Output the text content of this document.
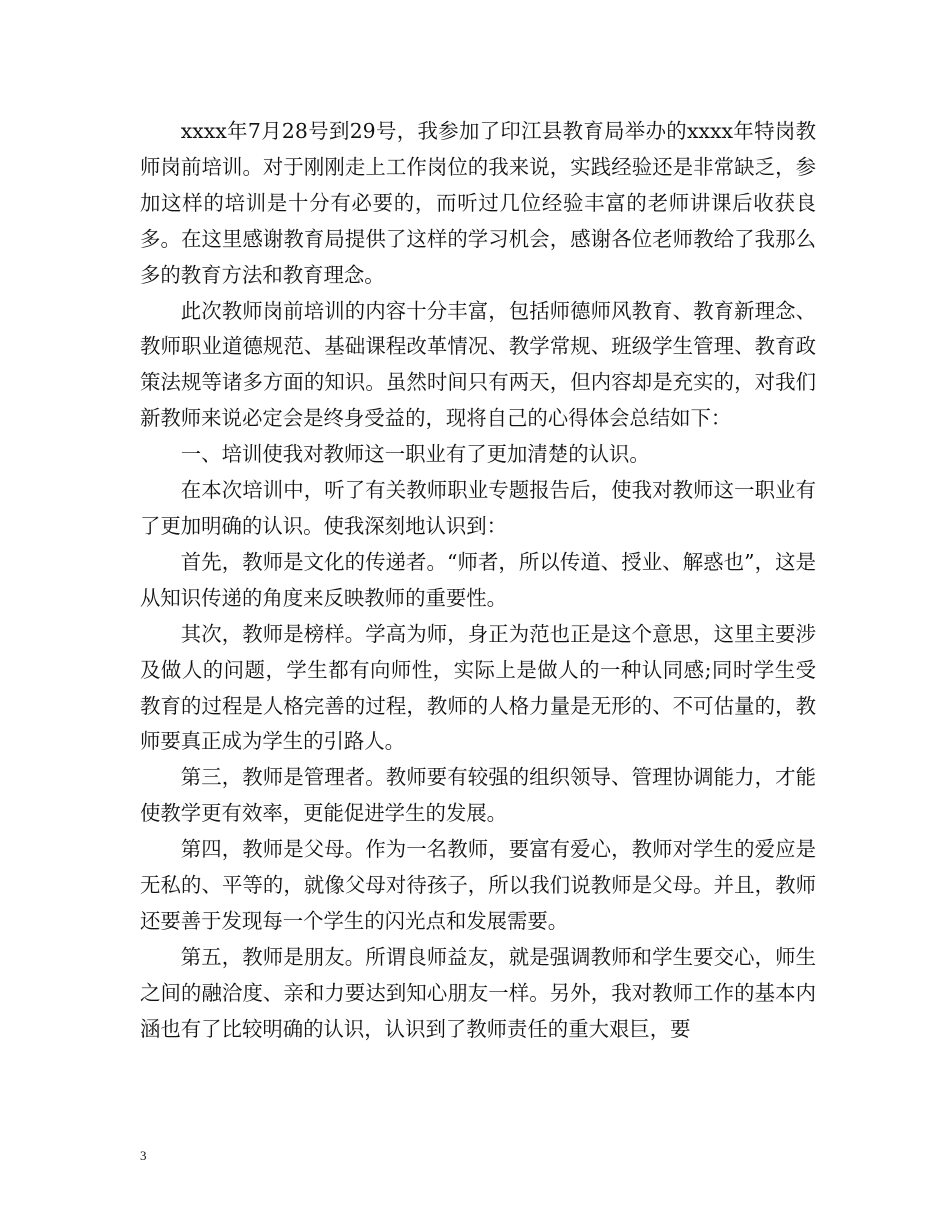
xxxx年7月28号到29号，我参加了印江县教育局举办的xxxx年特岗教师岗前培训。对于刚刚走上工作岗位的我来说，实践经验还是非常缺乏，参加这样的培训是十分有必要的，而听过几位经验丰富的老师讲课后收获良多。在这里感谢教育局提供了这样的学习机会，感谢各位老师教给了我那么多的教育方法和教育理念。

此次教师岗前培训的内容十分丰富，包括师德师风教育、教育新理念、教师职业道德规范、基础课程改革情况、教学常规、班级学生管理、教育政策法规等诸多方面的知识。虽然时间只有两天，但内容却是充实的，对我们新教师来说必定会是终身受益的，现将自己的心得体会总结如下：

一、培训使我对教师这一职业有了更加清楚的认识。

在本次培训中，听了有关教师职业专题报告后，使我对教师这一职业有了更加明确的认识。使我深刻地认识到：

首先，教师是文化的传递者。“师者，所以传道、授业、解惑也”，这是从知识传递的角度来反映教师的重要性。

其次，教师是榜样。学高为师，身正为范也正是这个意思，这里主要涉及做人的问题，学生都有向师性，实际上是做人的一种认同感;同时学生受教育的过程是人格完善的过程，教师的人格力量是无形的、不可估量的，教师要真正成为学生的引路人。

第三，教师是管理者。教师要有较强的组织领导、管理协调能力，才能使教学更有效率，更能促进学生的发展。

第四，教师是父母。作为一名教师，要富有爱心，教师对学生的爱应是无私的、平等的，就像父母对待孩子，所以我们说教师是父母。并且，教师还要善于发现每一个学生的闪光点和发展需要。

第五，教师是朋友。所谓良师益友，就是强调教师和学生要交心，师生之间的融洽度、亲和力要达到知心朋友一样。另外，我对教师工作的基本内涵也有了比较明确的认识，认识到了教师责任的重大艰巨，要

3
